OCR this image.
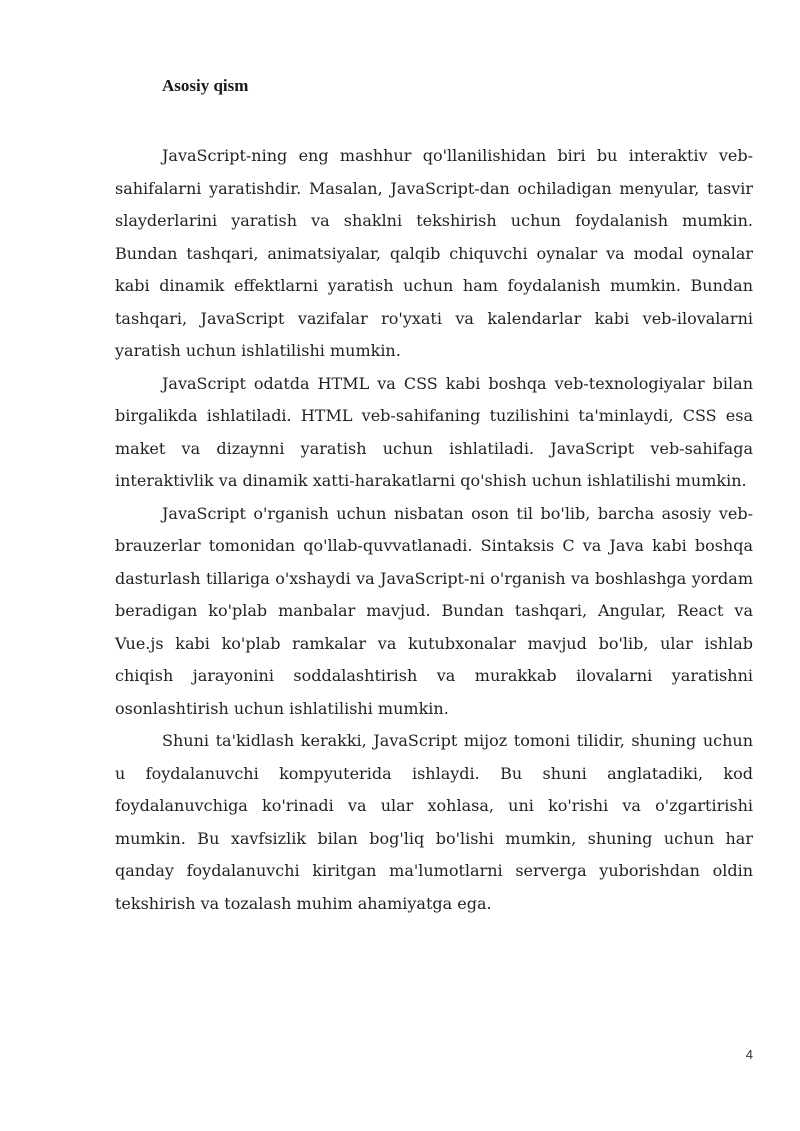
Asosiy qism

JavaScript-ning eng mashhur qo'llanilishidan biri bu interaktiv veb-sahifalarni yaratishdir. Masalan, JavaScript-dan ochiladigan menyular, tasvir slayderlarini yaratish va shaklni tekshirish uchun foydalanish mumkin. Bundan tashqari, animatsiyalar, qalqib chiquvchi oynalar va modal oynalar kabi dinamik effektlarni yaratish uchun ham foydalanish mumkin. Bundan tashqari, JavaScript vazifalar ro'yxati va kalendarlar kabi veb-ilovalarni yaratish uchun ishlatilishi mumkin.

JavaScript odatda HTML va CSS kabi boshqa veb-texnologiyalar bilan birgalikda ishlatiladi. HTML veb-sahifaning tuzilishini ta'minlaydi, CSS esa maket va dizaynni yaratish uchun ishlatiladi. JavaScript veb-sahifaga interaktivlik va dinamik xatti-harakatlarni qo'shish uchun ishlatilishi mumkin.

JavaScript o'rganish uchun nisbatan oson til bo'lib, barcha asosiy veb-brauzerlar tomonidan qo'llab-quvvatlanadi. Sintaksis C va Java kabi boshqa dasturlash tillariga o'xshaydi va JavaScript-ni o'rganish va boshlashga yordam beradigan ko'plab manbalar mavjud. Bundan tashqari, Angular, React va Vue.js kabi ko'plab ramkalar va kutubxonalar mavjud bo'lib, ular ishlab chiqish jarayonini soddalashtirish va murakkab ilovalarni yaratishni osonlashtirish uchun ishlatilishi mumkin.

Shuni ta'kidlash kerakki, JavaScript mijoz tomoni tilidir, shuning uchun u foydalanuvchi kompyuterida ishlaydi. Bu shuni anglatadiki, kod foydalanuvchiga ko'rinadi va ular xohlasa, uni ko'rishi va o'zgartirishi mumkin. Bu xavfsizlik bilan bog'liq bo'lishi mumkin, shuning uchun har qanday foydalanuvchi kiritgan ma'lumotlarni serverga yuborishdan oldin tekshirish va tozalash muhim ahamiyatga ega.

4
